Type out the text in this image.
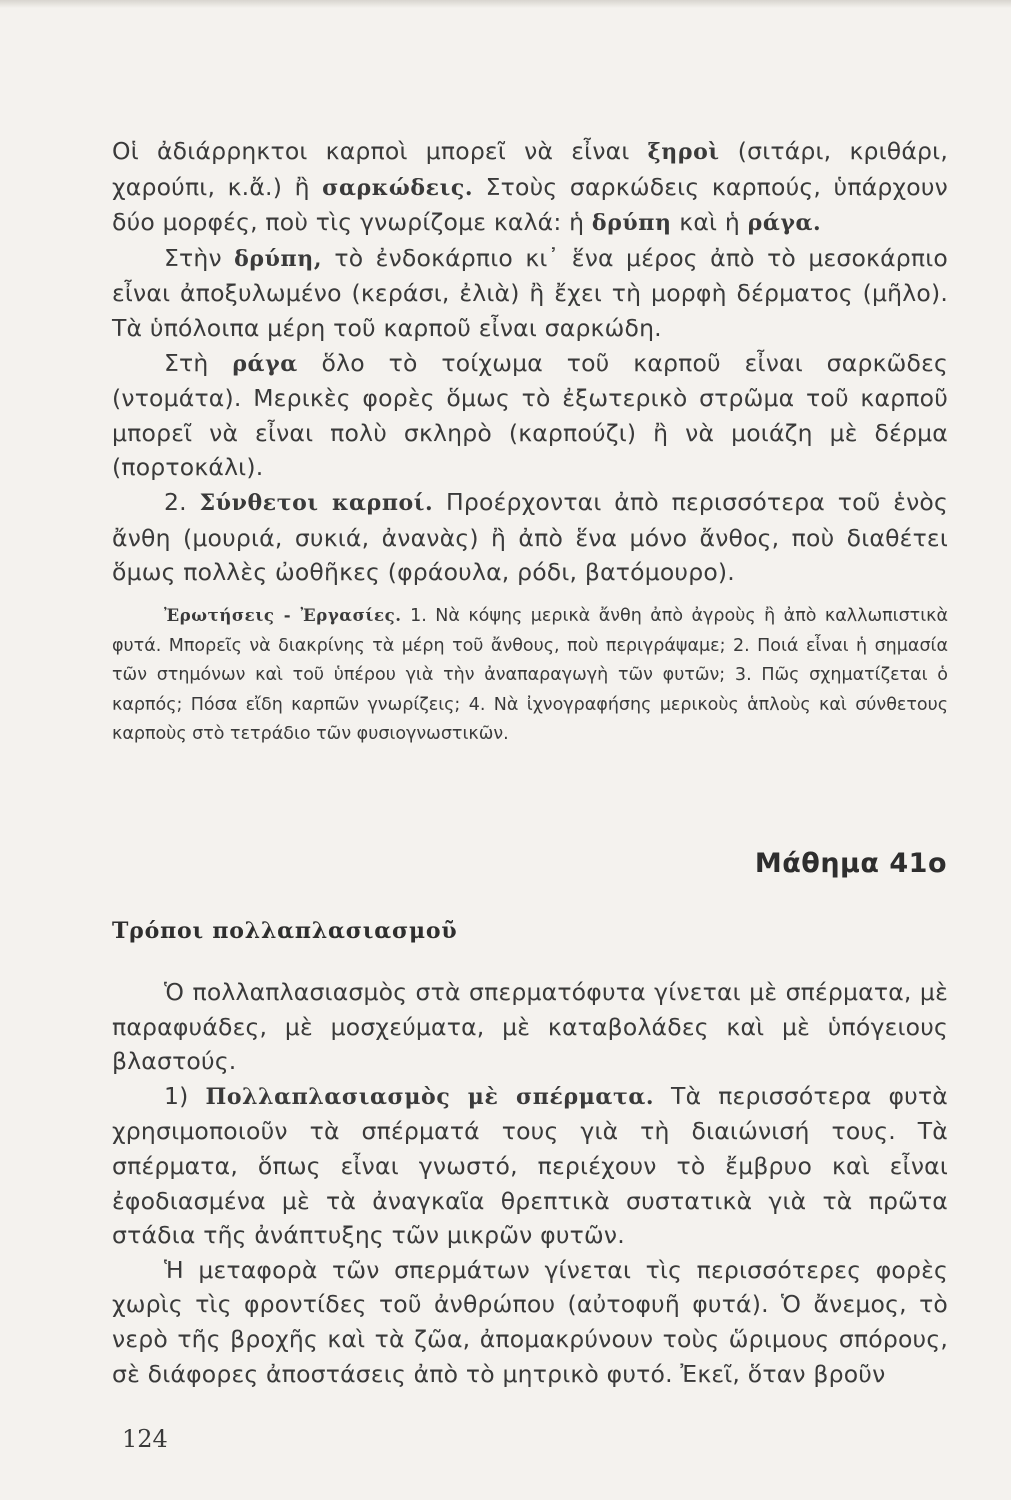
Οἱ ἀδιάρρηκτοι καρποὶ μπορεῖ νὰ εἶναι ξηροὶ (σιτάρι, κριθάρι, χαρούπι, κ.ἄ.) ἢ σαρκώδεις. Στοὺς σαρκώδεις καρπούς, ὑπάρχουν δύο μορφές, ποὺ τὶς γνωρίζομε καλά: ἡ δρύπη καὶ ἡ ράγα.

Στὴν δρύπη, τὸ ἐνδοκάρπιο κι᾽ ἕνα μέρος ἀπὸ τὸ μεσοκάρπιο εἶναι ἀποξυλωμένο (κεράσι, ἐλιὰ) ἢ ἔχει τὴ μορφὴ δέρματος (μῆλο). Τὰ ὑπόλοιπα μέρη τοῦ καρποῦ εἶναι σαρκώδη.

Στὴ ράγα ὅλο τὸ τοίχωμα τοῦ καρποῦ εἶναι σαρκῶδες (ντομάτα). Μερικὲς φορὲς ὅμως τὸ ἐξωτερικὸ στρῶμα τοῦ καρποῦ μπορεῖ νὰ εἶναι πολὺ σκληρὸ (καρπούζι) ἢ νὰ μοιάζη μὲ δέρμα (πορτοκάλι).

2. Σύνθετοι καρποί. Προέρχονται ἀπὸ περισσότερα τοῦ ἑνὸς ἄνθη (μουριά, συκιά, ἀνανὰς) ἢ ἀπὸ ἕνα μόνο ἄνθος, ποὺ διαθέτει ὅμως πολλὲς ὠοθῆκες (φράουλα, ρόδι, βατόμουρο).

Ἐρωτήσεις - Ἐργασίες. 1. Νὰ κόψης μερικὰ ἄνθη ἀπὸ ἀγροὺς ἢ ἀπὸ καλλωπιστικὰ φυτά. Μπορεῖς νὰ διακρίνης τὰ μέρη τοῦ ἄνθους, ποὺ περιγράψαμε; 2. Ποιά εἶναι ἡ σημασία τῶν στημόνων καὶ τοῦ ὑπέρου γιὰ τὴν ἀναπαραγωγὴ τῶν φυτῶν; 3. Πῶς σχηματίζεται ὁ καρπός; Πόσα εἴδη καρπῶν γνωρίζεις; 4. Νὰ ἰχνογραφήσης μερικοὺς ἁπλοὺς καὶ σύνθετους καρποὺς στὸ τετράδιο τῶν φυσιογνωστικῶν.
Μάθημα 41ο
Τρόποι πολλαπλασιασμοῦ

Ὁ πολλαπλασιασμὸς στὰ σπερματόφυτα γίνεται μὲ σπέρματα, μὲ παραφυάδες, μὲ μοσχεύματα, μὲ καταβολάδες καὶ μὲ ὑπόγειους βλαστούς.

1) Πολλαπλασιασμὸς μὲ σπέρματα. Τὰ περισσότερα φυτὰ χρησιμοποιοῦν τὰ σπέρματά τους γιὰ τὴ διαιώνισή τους. Τὰ σπέρματα, ὅπως εἶναι γνωστό, περιέχουν τὸ ἔμβρυο καὶ εἶναι ἐφοδιασμένα μὲ τὰ ἀναγκαῖα θρεπτικὰ συστατικὰ γιὰ τὰ πρῶτα στάδια τῆς ἀνάπτυξης τῶν μικρῶν φυτῶν.

Ἡ μεταφορὰ τῶν σπερμάτων γίνεται τὶς περισσότερες φορὲς χωρὶς τὶς φροντίδες τοῦ ἀνθρώπου (αὐτοφυῆ φυτά). Ὁ ἄνεμος, τὸ νερὸ τῆς βροχῆς καὶ τὰ ζῶα, ἀπομακρύνουν τοὺς ὥριμους σπόρους, σὲ διάφορες ἀποστάσεις ἀπὸ τὸ μητρικὸ φυτό. Ἐκεῖ, ὅταν βροῦν

124
